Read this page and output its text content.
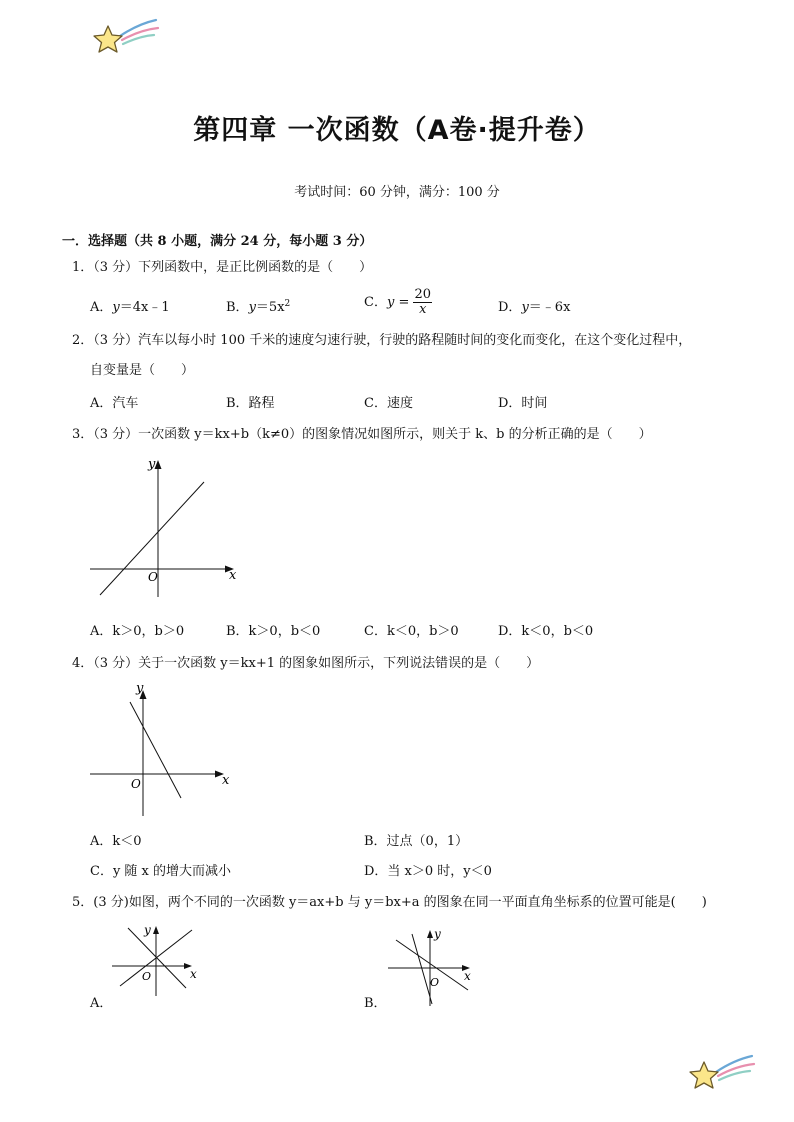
第四章 一次函数（A卷·提升卷）
考试时间：60 分钟，满分：100 分
一．选择题（共 8 小题，满分 24 分，每小题 3 分）
1．（3 分）下列函数中，是正比例函数的是（　　）
A．y＝4x﹣1	B．$y=5x^2$	C．$y = \frac{20}{x}$	D．y＝﹣6x
2．（3 分）汽车以每小时 100 千米的速度匀速行驶，行驶的路程随时间的变化而变化，在这个变化过程中，
自变量是（　　）
A．汽车	B．路程	C．速度	D．时间
3．（3 分）一次函数 y＝kx+b（k≠0）的图象情况如图所示，则关于 k、b 的分析正确的是（　　）
y
x
O
A．k＞0，b＞0	B．k＞0，b＜0	C．k＜0，b＞0	D．k＜0，b＜0
4．（3 分）关于一次函数 y＝kx+1 的图象如图所示，下列说法错误的是（　　）
y
x
O
A．k＜0	B．过点（0，1）
C．y 随 x 的增大而减小	D．当 x＞0 时，y＜0
5．(3 分)如图，两个不同的一次函数 y＝ax+b 与 y＝bx+a 的图象在同一平面直角坐标系的位置可能是(　　)
y
x
O
y
x
O
A．	B．
